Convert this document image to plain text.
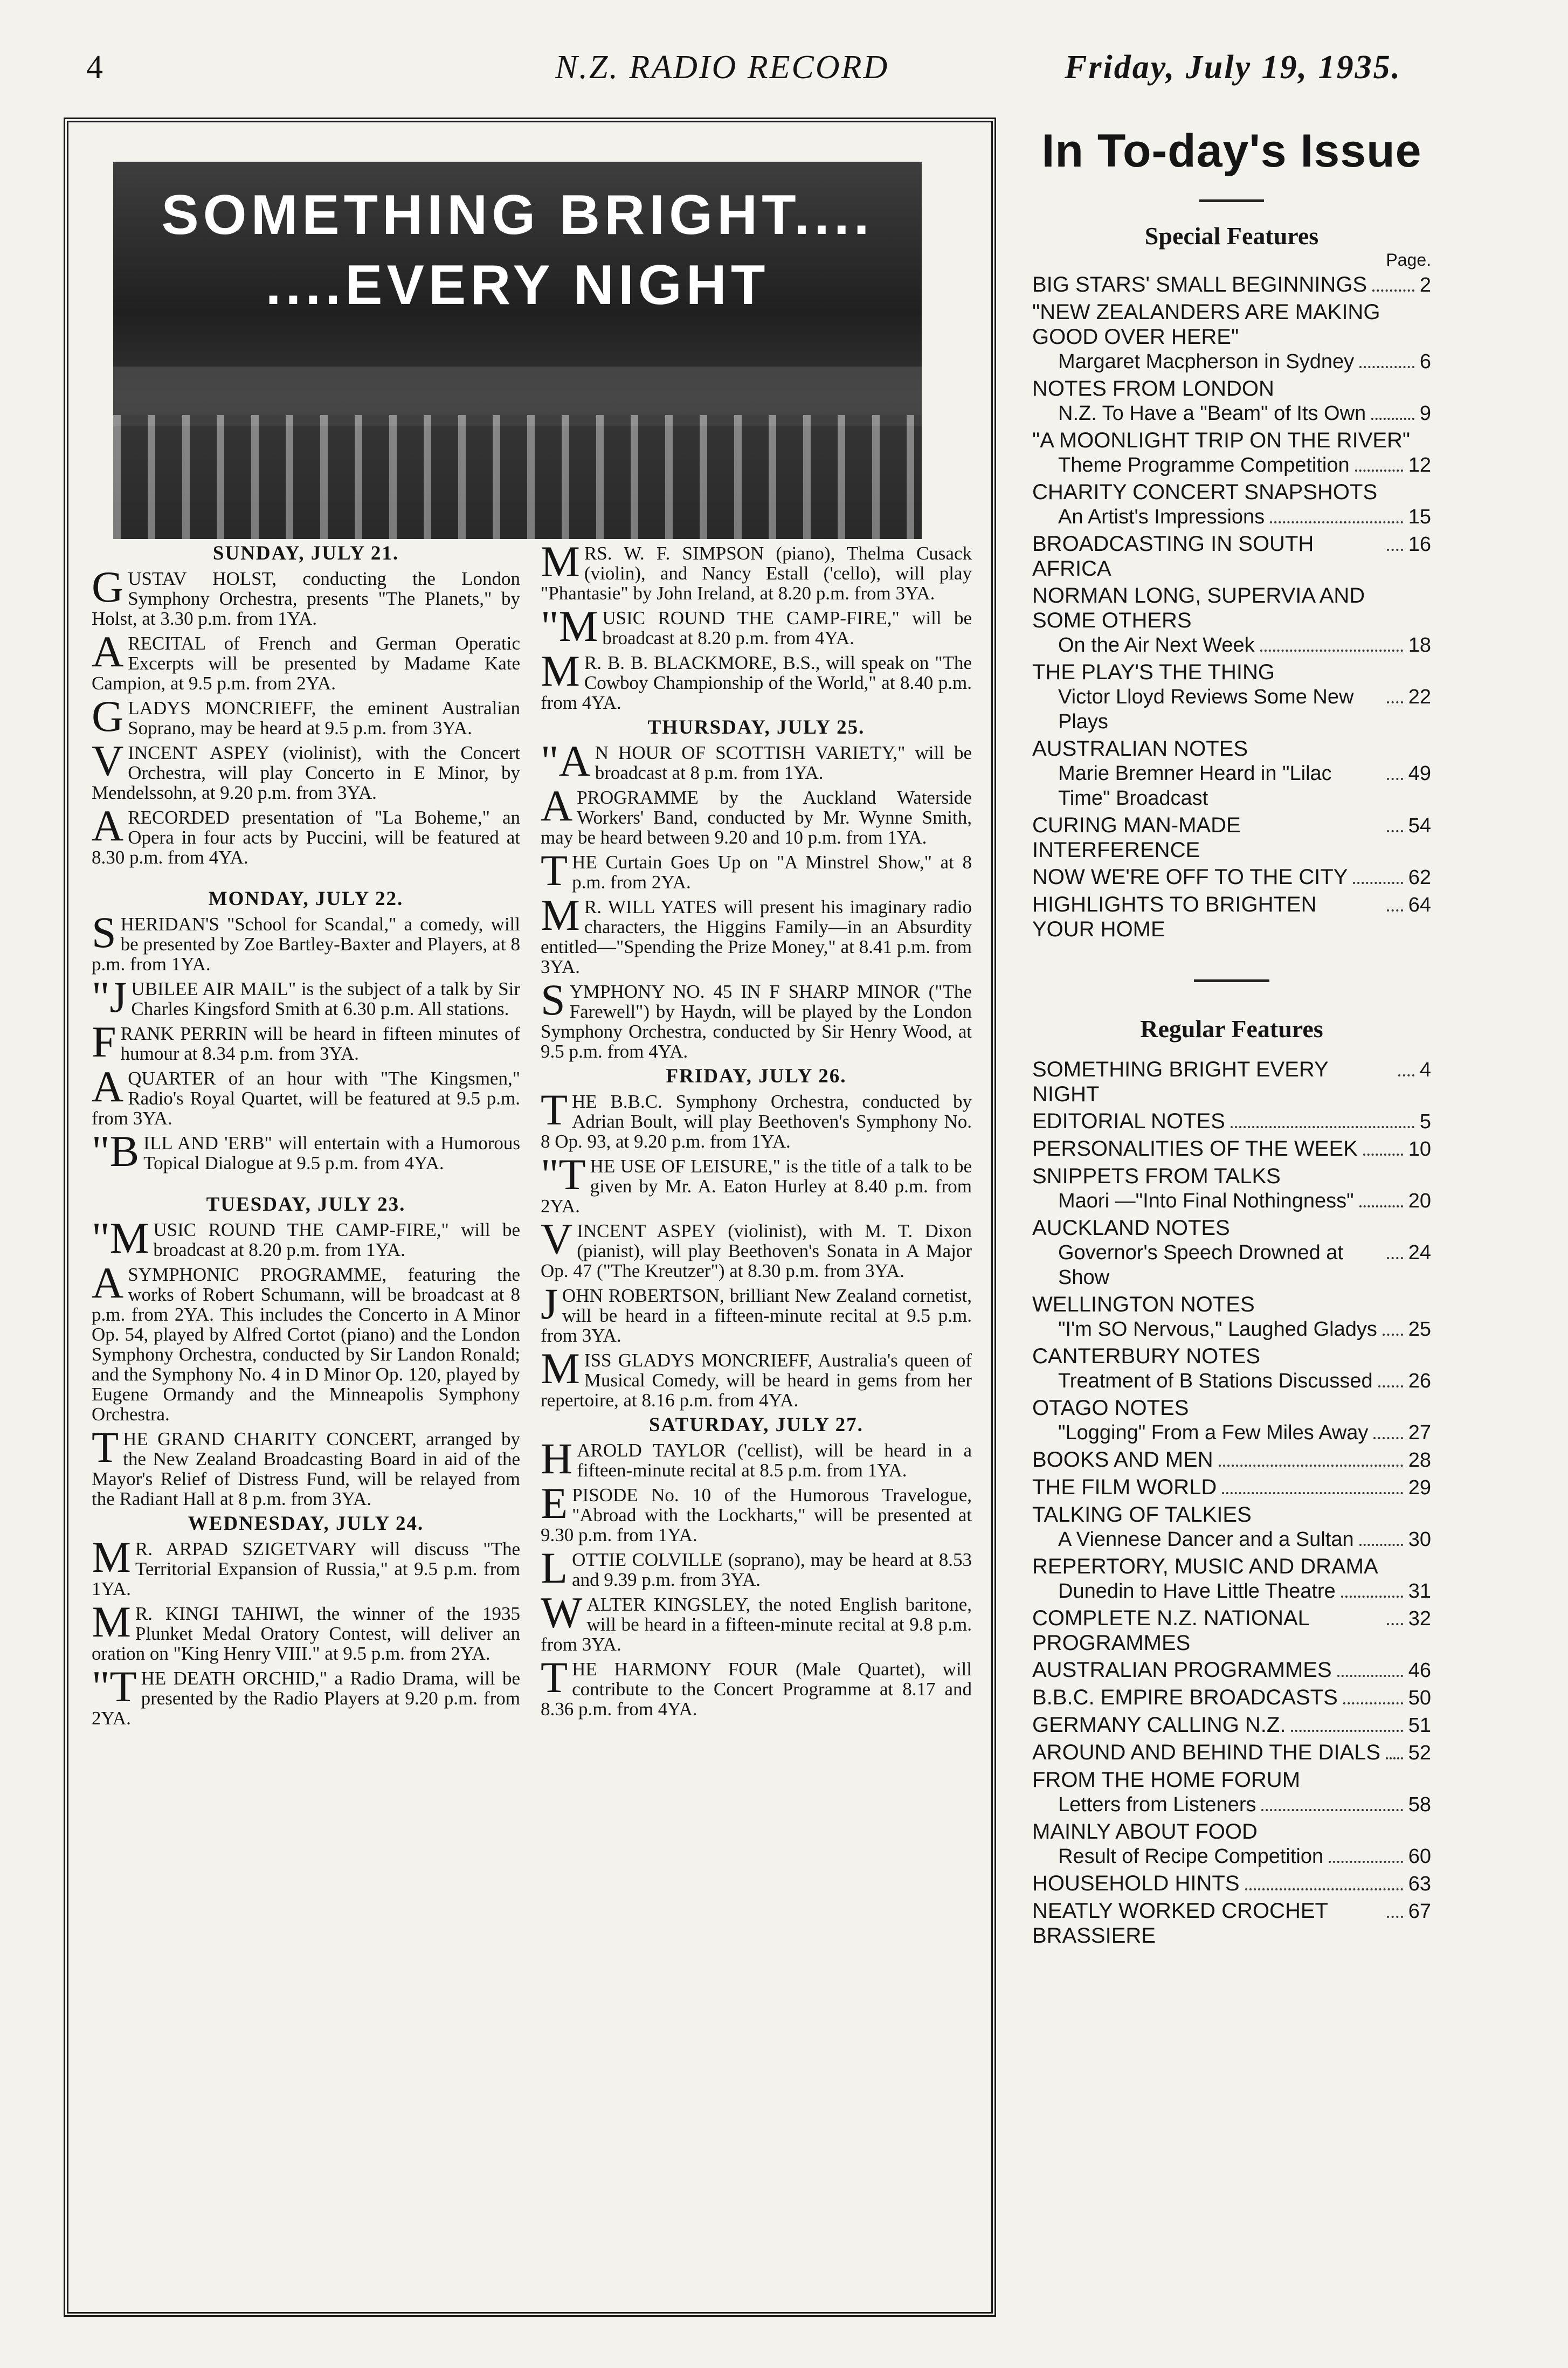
4	N.Z. RADIO RECORD	Friday, July 19, 1935.
SOMETHING BRIGHT....
....EVERY NIGHT

SUNDAY, JULY 21.

GUSTAV HOLST, conducting the London Symphony Orchestra, presents "The Planets," by Holst, at 3.30 p.m. from 1YA.

ARECITAL of French and German Operatic Excerpts will be presented by Madame Kate Campion, at 9.5 p.m. from 2YA.

GLADYS MONCRIEFF, the eminent Australian Soprano, may be heard at 9.5 p.m. from 3YA.

VINCENT ASPEY (violinist), with the Concert Orchestra, will play Concerto in E Minor, by Mendelssohn, at 9.20 p.m. from 3YA.

ARECORDED presentation of "La Boheme," an Opera in four acts by Puccini, will be featured at 8.30 p.m. from 4YA.

MONDAY, JULY 22.

SHERIDAN'S "School for Scandal," a comedy, will be presented by Zoe Bartley-Baxter and Players, at 8 p.m. from 1YA.

"JUBILEE AIR MAIL" is the subject of a talk by Sir Charles Kingsford Smith at 6.30 p.m. All stations.

FRANK PERRIN will be heard in fifteen minutes of humour at 8.34 p.m. from 3YA.

AQUARTER of an hour with "The Kingsmen," Radio's Royal Quartet, will be featured at 9.5 p.m. from 3YA.

"BILL AND 'ERB" will entertain with a Humorous Topical Dialogue at 9.5 p.m. from 4YA.

TUESDAY, JULY 23.

"MUSIC ROUND THE CAMP-FIRE," will be broadcast at 8.20 p.m. from 1YA.

ASYMPHONIC PROGRAMME, featuring the works of Robert Schumann, will be broadcast at 8 p.m. from 2YA. This includes the Concerto in A Minor Op. 54, played by Alfred Cortot (piano) and the London Symphony Orchestra, conducted by Sir Landon Ronald; and the Symphony No. 4 in D Minor Op. 120, played by Eugene Ormandy and the Minneapolis Symphony Orchestra.

THE GRAND CHARITY CONCERT, arranged by the New Zealand Broadcasting Board in aid of the Mayor's Relief of Distress Fund, will be relayed from the Radiant Hall at 8 p.m. from 3YA.

WEDNESDAY, JULY 24.

MR. ARPAD SZIGETVARY will discuss "The Territorial Expansion of Russia," at 9.5 p.m. from 1YA.

MR. KINGI TAHIWI, the winner of the 1935 Plunket Medal Oratory Contest, will deliver an oration on "King Henry VIII." at 9.5 p.m. from 2YA.

"THE DEATH ORCHID," a Radio Drama, will be presented by the Radio Players at 9.20 p.m. from 2YA.

MRS. W. F. SIMPSON (piano), Thelma Cusack (violin), and Nancy Estall ('cello), will play "Phantasie" by John Ireland, at 8.20 p.m. from 3YA.

"MUSIC ROUND THE CAMP-FIRE," will be broadcast at 8.20 p.m. from 4YA.

MR. B. B. BLACKMORE, B.S., will speak on "The Cowboy Championship of the World," at 8.40 p.m. from 4YA.

THURSDAY, JULY 25.

"AN HOUR OF SCOTTISH VARIETY," will be broadcast at 8 p.m. from 1YA.

APROGRAMME by the Auckland Waterside Workers' Band, conducted by Mr. Wynne Smith, may be heard between 9.20 and 10 p.m. from 1YA.

THE Curtain Goes Up on "A Minstrel Show," at 8 p.m. from 2YA.

MR. WILL YATES will present his imaginary radio characters, the Higgins Family—in an Absurdity entitled—"Spending the Prize Money," at 8.41 p.m. from 3YA.

SYMPHONY NO. 45 IN F SHARP MINOR ("The Farewell") by Haydn, will be played by the London Symphony Orchestra, conducted by Sir Henry Wood, at 9.5 p.m. from 4YA.

FRIDAY, JULY 26.

THE B.B.C. Symphony Orchestra, conducted by Adrian Boult, will play Beethoven's Symphony No. 8 Op. 93, at 9.20 p.m. from 1YA.

"THE USE OF LEISURE," is the title of a talk to be given by Mr. A. Eaton Hurley at 8.40 p.m. from 2YA.

VINCENT ASPEY (violinist), with M. T. Dixon (pianist), will play Beethoven's Sonata in A Major Op. 47 ("The Kreutzer") at 8.30 p.m. from 3YA.

JOHN ROBERTSON, brilliant New Zealand cornetist, will be heard in a fifteen-minute recital at 9.5 p.m. from 3YA.

MISS GLADYS MONCRIEFF, Australia's queen of Musical Comedy, will be heard in gems from her repertoire, at 8.16 p.m. from 4YA.

SATURDAY, JULY 27.

HAROLD TAYLOR ('cellist), will be heard in a fifteen-minute recital at 8.5 p.m. from 1YA.

EPISODE No. 10 of the Humorous Travelogue, "Abroad with the Lockharts," will be presented at 9.30 p.m. from 1YA.

LOTTIE COLVILLE (soprano), may be heard at 8.53 and 9.39 p.m. from 3YA.

WALTER KINGSLEY, the noted English baritone, will be heard in a fifteen-minute recital at 9.8 p.m. from 3YA.

THE HARMONY FOUR (Male Quartet), will contribute to the Concert Programme at 8.17 and 8.36 p.m. from 4YA.

In To-day's Issue

Special Features

Page.

BIG STARS' SMALL BEGINNINGS	2
"NEW ZEALANDERS ARE MAKING GOOD OVER HERE"
Margaret Macpherson in Sydney	6
NOTES FROM LONDON
N.Z. To Have a "Beam" of Its Own	9
"A MOONLIGHT TRIP ON THE RIVER"
Theme Programme Competition	12
CHARITY CONCERT SNAPSHOTS
An Artist's Impressions	15
BROADCASTING IN SOUTH AFRICA
16
NORMAN LONG, SUPERVIA AND SOME OTHERS
On the Air Next Week	18
THE PLAY'S THE THING
Victor Lloyd Reviews Some New Plays
22
AUSTRALIAN NOTES
Marie Bremner Heard in "Lilac Time" Broadcast
49
CURING MAN-MADE INTERFERENCE
54
NOW WE'RE OFF TO THE CITY	62
HIGHLIGHTS TO BRIGHTEN YOUR HOME
64

Regular Features

SOMETHING BRIGHT EVERY NIGHT
4
EDITORIAL NOTES	5
PERSONALITIES OF THE WEEK 10
SNIPPETS FROM TALKS
Maori —"Into Final Nothingness"	20
AUCKLAND NOTES
Governor's Speech Drowned at Show
24
WELLINGTON NOTES
"I'm SO Nervous," Laughed Gladys 25
CANTERBURY NOTES
Treatment of B Stations Discussed 26
OTAGO NOTES
"Logging" From a Few Miles Away 27
BOOKS AND MEN	28
THE FILM WORLD	29
TALKING OF TALKIES
A Viennese Dancer and a Sultan	30
REPERTORY, MUSIC AND DRAMA
Dunedin to Have Little Theatre	31
COMPLETE N.Z. NATIONAL PROGRAMMES
32
AUSTRALIAN PROGRAMMES	46
B.B.C. EMPIRE BROADCASTS	50
GERMANY CALLING N.Z.	51
AROUND AND BEHIND THE DIALS 52
FROM THE HOME FORUM
Letters from Listeners	58
MAINLY ABOUT FOOD
Result of Recipe Competition	60
HOUSEHOLD HINTS	63
NEATLY WORKED CROCHET BRASSIERE
67
